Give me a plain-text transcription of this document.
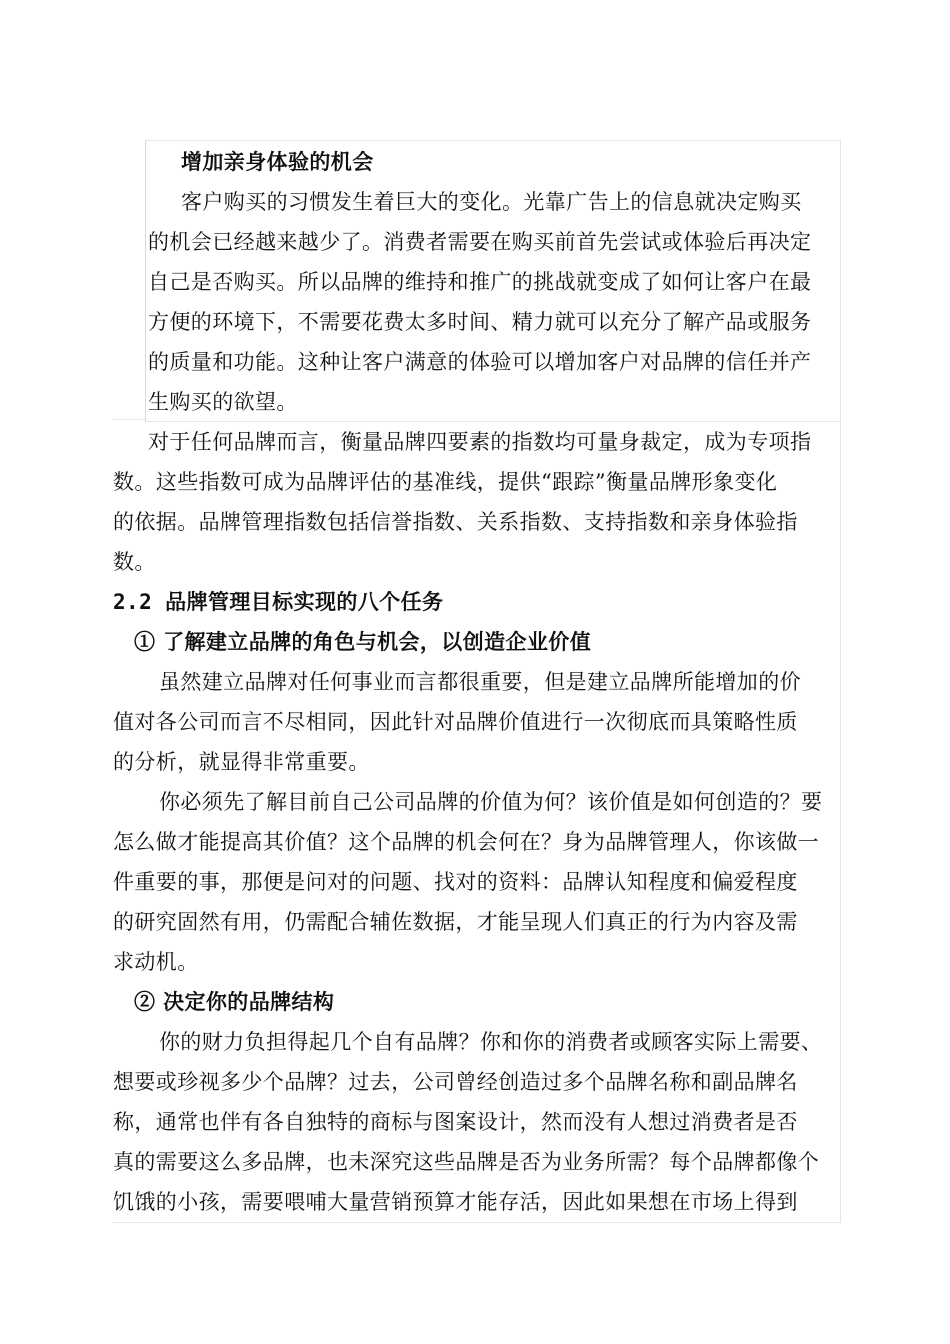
增加亲身体验的机会
客户购买的习惯发生着巨大的变化。光靠广告上的信息就决定购买
的机会已经越来越少了。消费者需要在购买前首先尝试或体验后再决定
自己是否购买。所以品牌的维持和推广的挑战就变成了如何让客户在最
方便的环境下，不需要花费太多时间、精力就可以充分了解产品或服务
的质量和功能。这种让客户满意的体验可以增加客户对品牌的信任并产
生购买的欲望。
对于任何品牌而言，衡量品牌四要素的指数均可量身裁定，成为专项指
数。这些指数可成为品牌评估的基准线，提供“跟踪”衡量品牌形象变化
的依据。品牌管理指数包括信誉指数、关系指数、支持指数和亲身体验指
数。
2.2 品牌管理目标实现的八个任务
① 了解建立品牌的角色与机会，以创造企业价值
虽然建立品牌对任何事业而言都很重要，但是建立品牌所能增加的价
值对各公司而言不尽相同，因此针对品牌价值进行一次彻底而具策略性质
的分析，就显得非常重要。
你必须先了解目前自己公司品牌的价值为何？该价值是如何创造的？要
怎么做才能提高其价值？这个品牌的机会何在？身为品牌管理人，你该做一
件重要的事，那便是问对的问题、找对的资料：品牌认知程度和偏爱程度
的研究固然有用，仍需配合辅佐数据，才能呈现人们真正的行为内容及需
求动机。
② 决定你的品牌结构
你的财力负担得起几个自有品牌？你和你的消费者或顾客实际上需要、
想要或珍视多少个品牌？过去，公司曾经创造过多个品牌名称和副品牌名
称，通常也伴有各自独特的商标与图案设计，然而没有人想过消费者是否
真的需要这么多品牌，也未深究这些品牌是否为业务所需？每个品牌都像个
饥饿的小孩，需要喂哺大量营销预算才能存活，因此如果想在市场上得到
